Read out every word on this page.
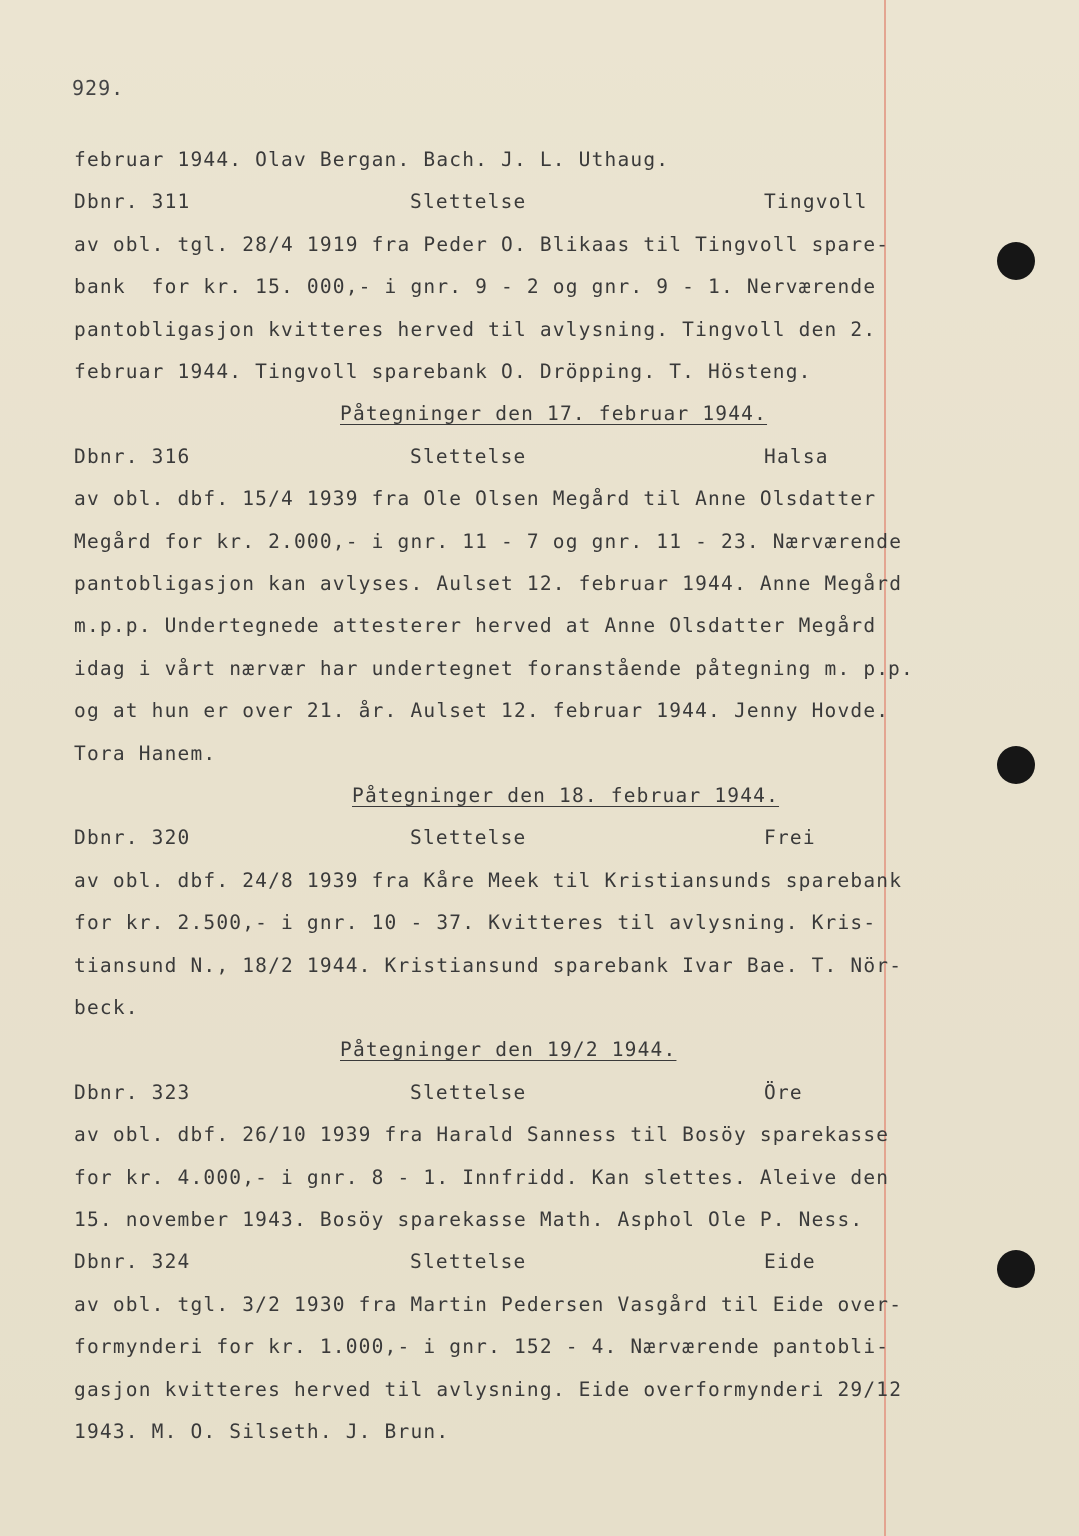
929.
februar 1944. Olav Bergan. Bach. J. L. Uthaug.
Dbnr. 311	Slettelse	Tingvoll
av obl. tgl. 28/4 1919 fra Peder O. Blikaas til Tingvoll spare-
bank  for kr. 15. 000,- i gnr. 9 - 2 og gnr. 9 - 1. Nerværende
pantobligasjon kvitteres herved til avlysning. Tingvoll den 2.
februar 1944. Tingvoll sparebank O. Dröpping. T. Hösteng.
Påtegninger den 17. februar 1944.
Dbnr. 316	Slettelse	Halsa
av obl. dbf. 15/4 1939 fra Ole Olsen Megård til Anne Olsdatter
Megård for kr. 2.000,- i gnr. 11 - 7 og gnr. 11 - 23. Nærværende
pantobligasjon kan avlyses. Aulset 12. februar 1944. Anne Megård
m.p.p. Undertegnede attesterer herved at Anne Olsdatter Megård
idag i vårt nærvær har undertegnet foranstående påtegning m. p.
p.
og at hun er over 21. år. Aulset 12. februar 1944. Jenny Hovde.
Tora Hanem.
Påtegninger den 18. februar 1944.
Dbnr. 320	Slettelse	Frei
av obl. dbf. 24/8 1939 fra Kåre Meek til Kristiansunds sparebank
for kr. 2.500,- i gnr. 10 - 37. Kvitteres til avlysning. Kris-
tiansund N., 18/2 1944. Kristiansund sparebank Ivar Bae. T. Nör-
beck.
Påtegninger den 19/2 1944.
Dbnr. 323	Slettelse	Öre
av obl. dbf. 26/10 1939 fra Harald Sanness til Bosöy sparekasse
for kr. 4.000,- i gnr. 8 - 1. Innfridd. Kan slettes. Aleive den
15. november 1943. Bosöy sparekasse Math. Asphol Ole P. Ness.
Dbnr. 324	Slettelse	Eide
av obl. tgl. 3/2 1930 fra Martin Pedersen Vasgård til Eide over-
formynderi for kr. 1.000,- i gnr. 152 - 4. Nærværende pantobli-
gasjon kvitteres herved til avlysning. Eide overformynderi 29/12
1943. M. O. Silseth. J. Brun.
